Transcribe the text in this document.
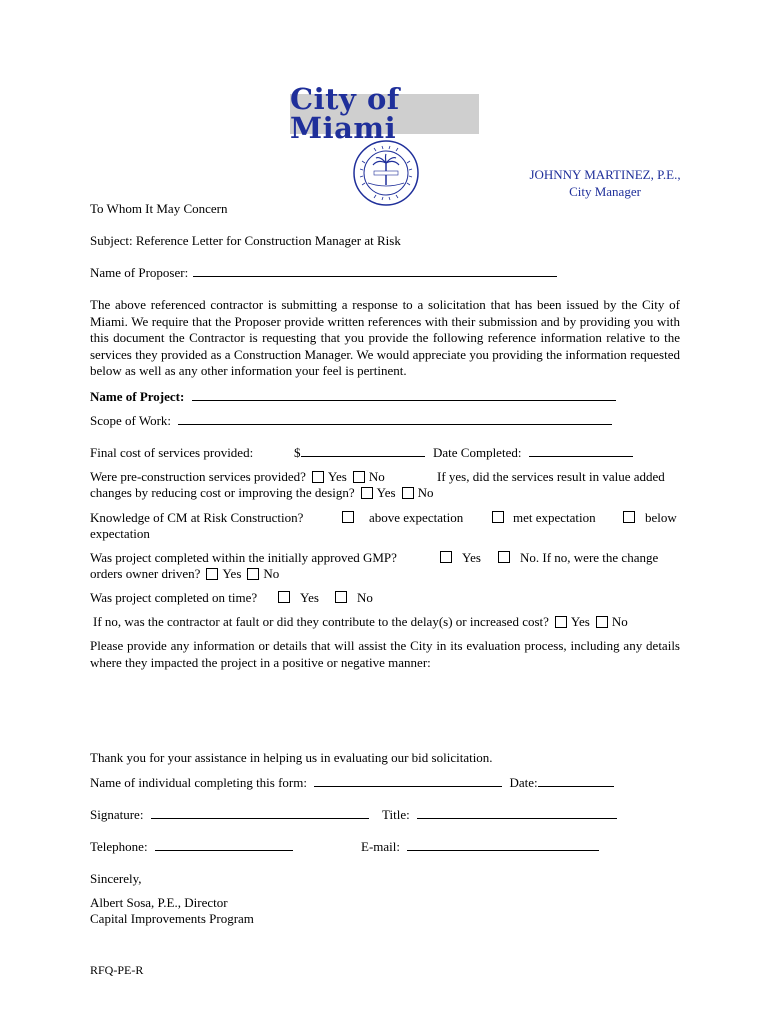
City of Miami
JOHNNY MARTINEZ, P.E.,
City Manager
To Whom It May Concern
Subject: Reference Letter for Construction Manager at Risk
Name of Proposer:
The above referenced contractor is submitting a response to a solicitation that has been issued by the City of Miami. We require that the Proposer provide written references with their submission and by providing you with this document the Contractor is requesting that you provide the following reference information relative to the services they provided as a Construction Manager. We would appreciate you providing the information requested below as well as any other information your feel is pertinent.
Name of Project:
Scope of Work:
Final cost of services provided:	$	Date Completed:
Were pre-construction services provided? Yes No	If yes, did the services result in value added
changes by reducing cost or improving the design? Yes No
Knowledge of CM at Risk Construction?	above expectation	met expectation	below
expectation
Was project completed within the initially approved GMP?	Yes	No. If no, were the change
orders owner driven? Yes No
Was project completed on time?	Yes	No
If no, was the contractor at fault or did they contribute to the delay(s) or increased cost? Yes No
Please provide any information or details that will assist the City in its evaluation process, including any details where they impacted the project in a positive or negative manner:
Thank you for your assistance in helping us in evaluating our bid solicitation.
Name of individual completing this form:	Date:
Signature:	Title:
Telephone:	E-mail:
Sincerely,
Albert Sosa, P.E., Director
Capital Improvements Program
RFQ-PE-R
